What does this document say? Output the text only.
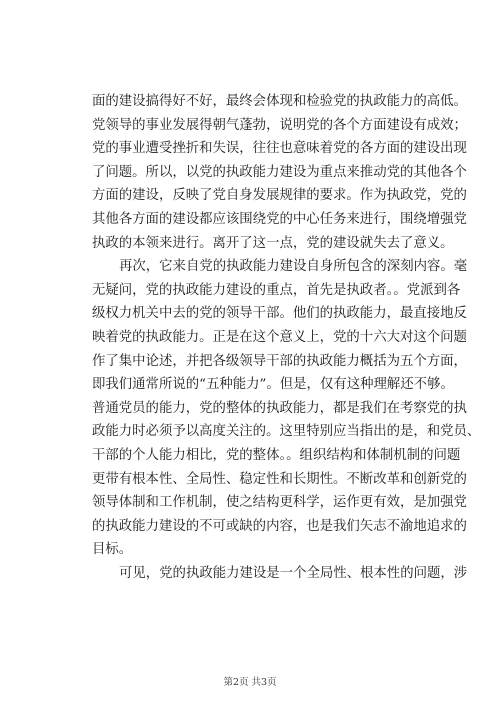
面的建设搞得好不好，最终会体现和检验党的执政能力的高低。
党领导的事业发展得朝气蓬勃，说明党的各个方面建设有成效；
党的事业遭受挫折和失误，往往也意味着党的各方面的建设出现
了问题。所以，以党的执政能力建设为重点来推动党的其他各个
方面的建设，反映了党自身发展规律的要求。作为执政党，党的
其他各方面的建设都应该围绕党的中心任务来进行，围绕增强党
执政的本领来进行。离开了这一点，党的建设就失去了意义。
再次，它来自党的执政能力建设自身所包含的深刻内容。毫
无疑问，党的执政能力建设的重点，首先是执政者。。党派到各
级权力机关中去的党的领导干部。他们的执政能力，最直接地反
映着党的执政能力。正是在这个意义上，党的十六大对这个问题
作了集中论述，并把各级领导干部的执政能力概括为五个方面，
即我们通常所说的“五种能力”。但是，仅有这种理解还不够。
普通党员的能力，党的整体的执政能力，都是我们在考察党的执
政能力时必须予以高度关注的。这里特别应当指出的是，和党员、
干部的个人能力相比，党的整体。。组织结构和体制机制的问题
更带有根本性、全局性、稳定性和长期性。不断改革和创新党的
领导体制和工作机制，使之结构更科学，运作更有效，是加强党
的执政能力建设的不可或缺的内容，也是我们矢志不渝地追求的
目标。
可见，党的执政能力建设是一个全局性、根本性的问题，涉
第2页 共3页
